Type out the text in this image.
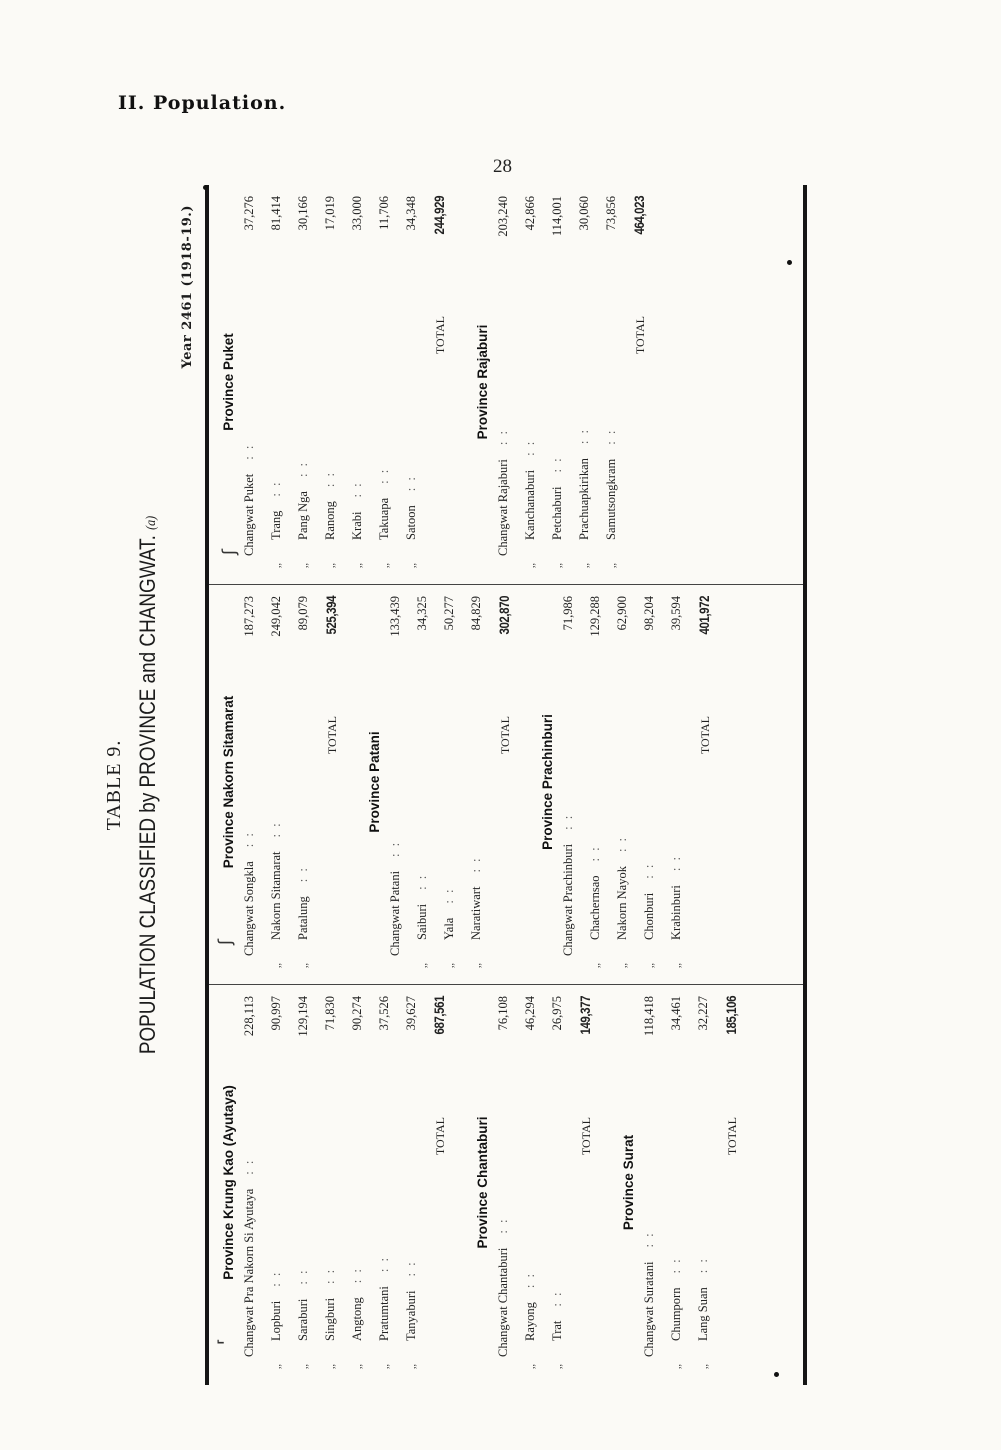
II. Population.
28
TABLE 9. POPULATION CLASSIFIED by PROVINCE and CHANGWAT. (a)
Year 2461 (1918-19.)
Province Krung Kao (Ayutaya) Changwat Pra Nakorn Si Ayutaya: :
228,113
,,
Lopburi: :
90,997
,,
Saraburi: :
129,194
,,
Singburi: :
71,830
,,
Angtong: :
90,274
,,
Pratumtani: :
37,526
,,
Tanyaburi: :
39,627
TOTAL
687,561
Province Chantaburi
Changwat Chantaburi: :
76,108
,,
Rayong: :
46,294
,,
Trat: :
26,975
TOTAL
149,377
Province Surat
Changwat Suratani: :
118,418
,,
Chumporn: :
34,461
,,
Lang Suan: :
32,227
TOTAL
185,106
Province Nakorn Sitamarat
Changwat Songkla: :
187,273
,,
Nakorn Sitamarat: :
249,042
,,
Patalung: :
89,079
TOTAL
525,394
Province Patani
Changwat Patani: :
133,439
,,
Saiburi: :
34,325
,,
Yala: :
50,277
,,
Naratiwart: :
84,829
TOTAL
302,870
Province Prachinburi
Changwat Prachinburi: :
71,986
,,
Chachernsao: :
129,288
,,
Nakorn Nayok: :
62,900
,,
Chonburi: :
98,204
,,
Krabinburi: :
39,594
TOTAL
401,972
Province Puket
Changwat Puket: :
37,276
,,
Trang: :
81,414
,,
Pang Nga: :
30,166
,,
Ranong: :
17,019
,,
Krabi: :
33,000
,,
Takuapa: :
11,706
,,
Satoon: :
34,348
TOTAL
244,929
Province Rajaburi
Changwat Rajaburi: :
203,240
,,
Kanchanaburi: :
42,866
,,
Petchaburi: :
114,001
,,
Prachuapkirikan: :
30,060
,,
Samutsongkram: :
73,856
TOTAL
464,023
⸢
ʃ
ʃ
